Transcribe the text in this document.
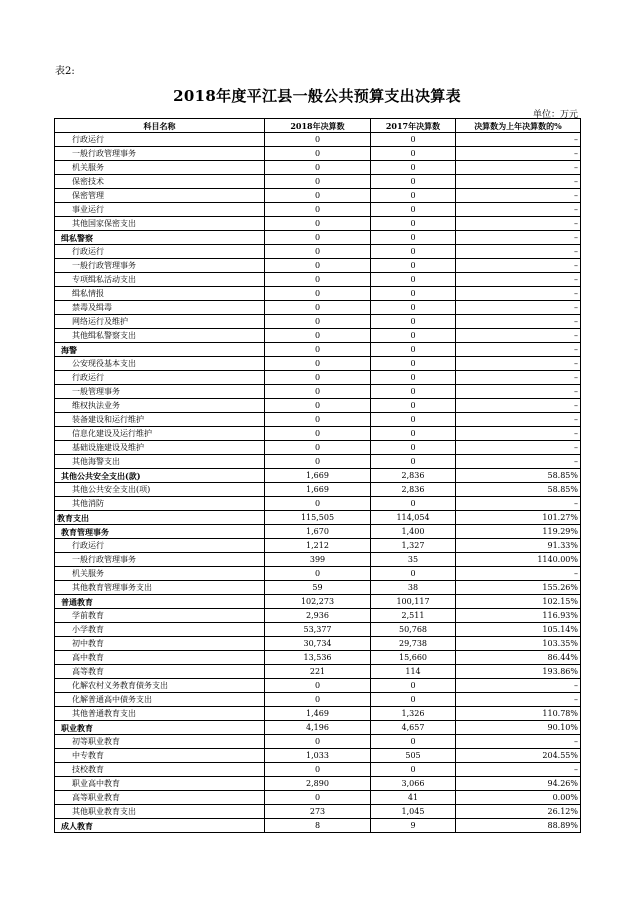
表2:
2018年度平江县一般公共预算支出决算表
单位：万元
科目名称	2018年决算数	2017年决算数	决算数为上年决算数的%
行政运行	0	0	–
一般行政管理事务	0	0	–
机关服务	0	0	–
保密技术	0	0	–
保密管理	0	0	–
事业运行	0	0	–
其他国家保密支出	0	0	–
缉私警察	0	0	–
行政运行	0	0	–
一般行政管理事务	0	0	–
专项缉私活动支出	0	0	–
缉私情报	0	0	–
禁毒及缉毒	0	0	–
网络运行及维护	0	0	–
其他缉私警察支出	0	0	–
海警	0	0	–
公安现役基本支出	0	0	–
行政运行	0	0	–
一般管理事务	0	0	–
维权执法业务	0	0	–
装备建设和运行维护	0	0	–
信息化建设及运行维护	0	0	–
基础设施建设及维护	0	0	–
其他海警支出	0	0	–
其他公共安全支出(款)	1,669	2,836	58.85%
其他公共安全支出(项)	1,669	2,836	58.85%
其他消防	0	0	–
教育支出	115,505	114,054	101.27%
教育管理事务	1,670	1,400	119.29%
行政运行	1,212	1,327	91.33%
一般行政管理事务	399	35	1140.00%
机关服务	0	0	–
其他教育管理事务支出	59	38	155.26%
普通教育	102,273	100,117	102.15%
学前教育	2,936	2,511	116.93%
小学教育	53,377	50,768	105.14%
初中教育	30,734	29,738	103.35%
高中教育	13,536	15,660	86.44%
高等教育	221	114	193.86%
化解农村义务教育债务支出	0	0	–
化解普通高中债务支出	0	0	–
其他普通教育支出	1,469	1,326	110.78%
职业教育	4,196	4,657	90.10%
初等职业教育	0	0	–
中专教育	1,033	505	204.55%
技校教育	0	0	–
职业高中教育	2,890	3,066	94.26%
高等职业教育	0	41	0.00%
其他职业教育支出	273	1,045	26.12%
成人教育	8	9	88.89%
